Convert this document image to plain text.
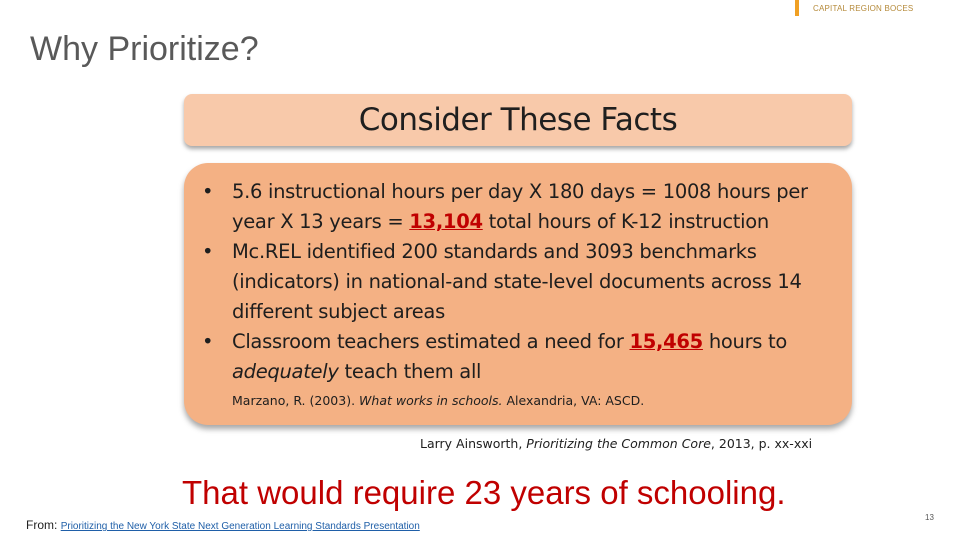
CAPITAL REGION BOCES
Why Prioritize?
Consider These Facts
• 5.6 instructional hours per day X 180 days = 1008 hours per year X 13 years = 13,104 total hours of K-12 instruction
• Mc.REL identified 200 standards and 3093 benchmarks (indicators) in national-and state-level documents across 14 different subject areas
• Classroom teachers estimated a need for 15,465 hours to
adequately teach them all
Marzano, R. (2003). What works in schools. Alexandria, VA: ASCD.
Larry Ainsworth, Prioritizing the Common Core, 2013, p. xx-xxi
That would require 23 years of schooling.
From: Prioritizing the New York State Next Generation Learning Standards Presentation
13
